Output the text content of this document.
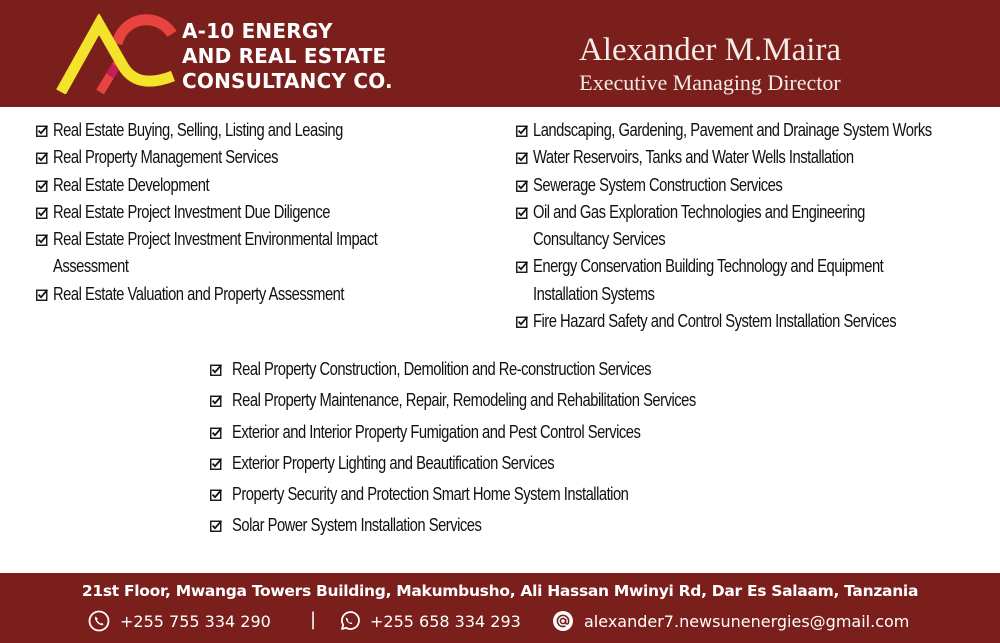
A-10 ENERGY
AND REAL ESTATE
CONSULTANCY CO.
Alexander M.Maira
Executive Managing Director
Real Estate Buying, Selling, Listing and Leasing
Real Property Management Services
Real Estate Development
Real Estate Project Investment Due Diligence
Real Estate Project Investment Environmental Impact
Assessment
Real Estate Valuation and Property Assessment
Landscaping, Gardening, Pavement and Drainage System Works
Water Reservoirs, Tanks and Water Wells Installation
Sewerage System Construction Services
Oil and Gas Exploration Technologies and Engineering
Consultancy Services
Energy Conservation Building Technology and Equipment
Installation Systems
Fire Hazard Safety and Control System Installation Services
Real Property Construction, Demolition and Re-construction Services
Real Property Maintenance, Repair, Remodeling and Rehabilitation Services
Exterior and Interior Property Fumigation and Pest Control Services
Exterior Property Lighting and Beautification Services
Property Security and Protection Smart Home System Installation
Solar Power System Installation Services
21st Floor, Mwanga Towers Building, Makumbusho, Ali Hassan Mwinyi Rd, Dar Es Salaam, Tanzania
+255 755 334 290 |	+255 658 334 293	alexander7.newsunenergies@gmail.com
